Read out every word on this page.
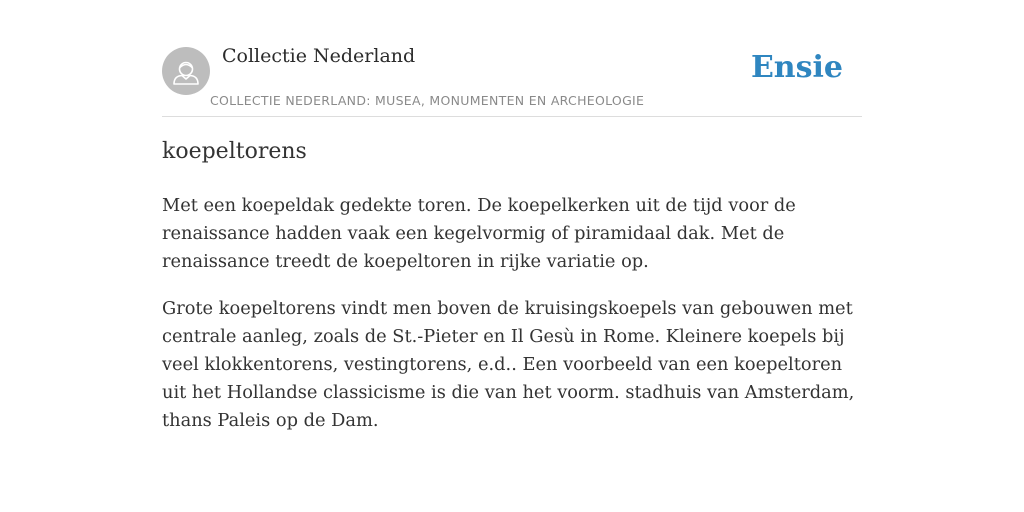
Collectie Nederland
COLLECTIE NEDERLAND: MUSEA, MONUMENTEN EN ARCHEOLOGIE
Ensie
koepeltorens

Met een koepeldak gedekte toren. De koepelkerken uit de tijd voor de renaissance hadden vaak een kegelvormig of piramidaal dak. Met de renaissance treedt de koepeltoren in rijke variatie op.

Grote koepeltorens vindt men boven de kruisingskoepels van gebouwen met centrale aanleg, zoals de St.-Pieter en Il Gesù in Rome. Kleinere koepels bij veel klokkentorens, vestingtorens, e.d.. Een voorbeeld van een koepeltoren uit het Hollandse classicisme is die van het voorm. stadhuis van Amsterdam, thans Paleis op de Dam.
